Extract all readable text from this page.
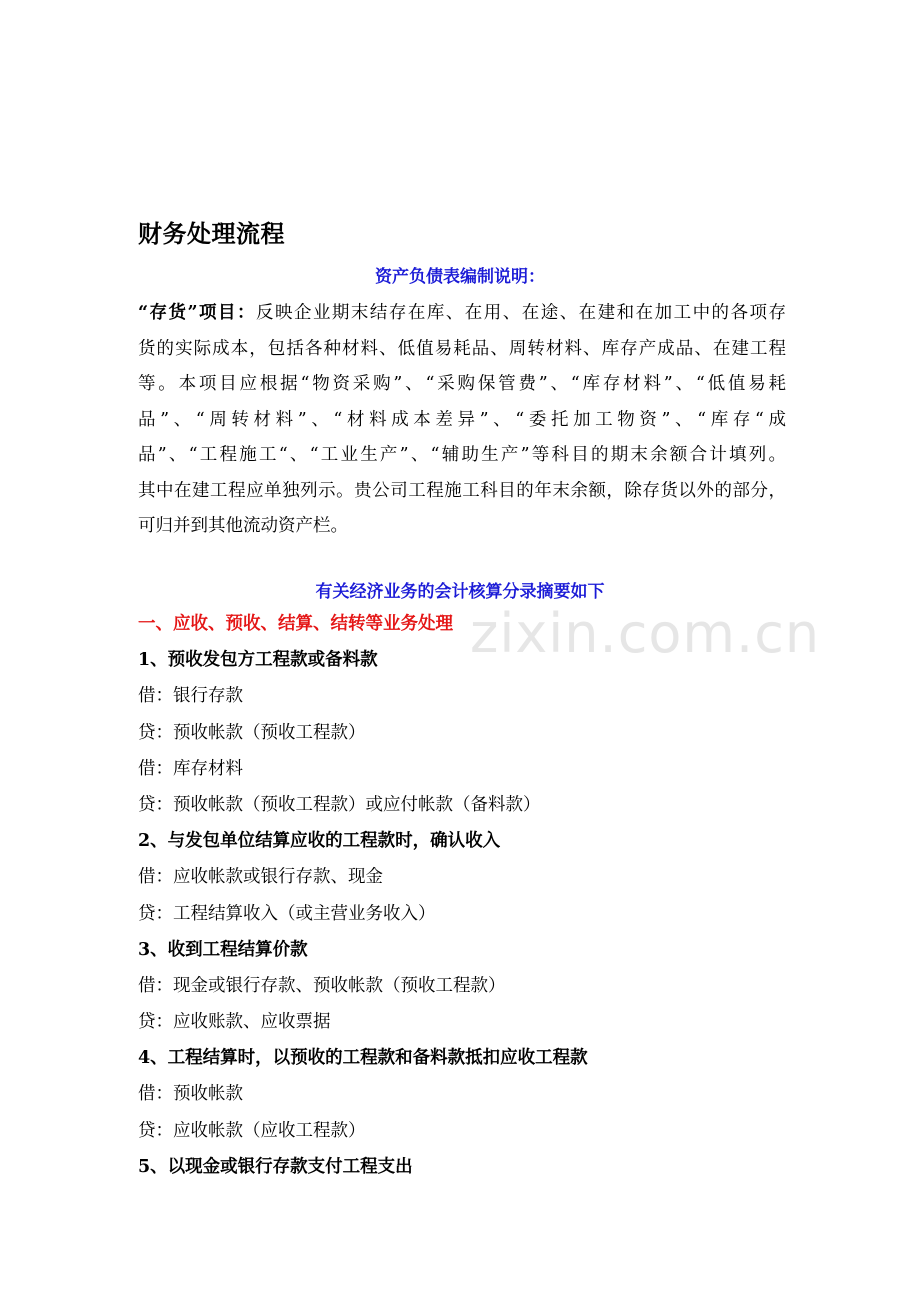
zixin.com.cn
财务处理流程
资产负债表编制说明：
“存货”项目：反映企业期末结存在库、在用、在途、在建和在加工中的各项存
货的实际成本，包括各种材料、低值易耗品、周转材料、库存产成品、在建工程
等。本项目应根据“物资采购”、“采购保管费”、“库存材料”、“低值易耗
品”、“周转材料”、“材料成本差异”、“委托加工物资”、“库存“成
品”、“工程施工“、“工业生产”、“辅助生产”等科目的期末余额合计填列。
其中在建工程应单独列示。贵公司工程施工科目的年末余额，除存货以外的部分，
可归并到其他流动资产栏。
有关经济业务的会计核算分录摘要如下
一、应收、预收、结算、结转等业务处理
1、预收发包方工程款或备料款
借：银行存款
贷：预收帐款（预收工程款）
借：库存材料
贷：预收帐款（预收工程款）或应付帐款（备料款）
2、与发包单位结算应收的工程款时，确认收入
借：应收帐款或银行存款、现金
贷：工程结算收入（或主营业务收入）
3、收到工程结算价款
借：现金或银行存款、预收帐款（预收工程款）
贷：应收账款、应收票据
4、工程结算时，以预收的工程款和备料款抵扣应收工程款
借：预收帐款
贷：应收帐款（应收工程款）
5、以现金或银行存款支付工程支出
